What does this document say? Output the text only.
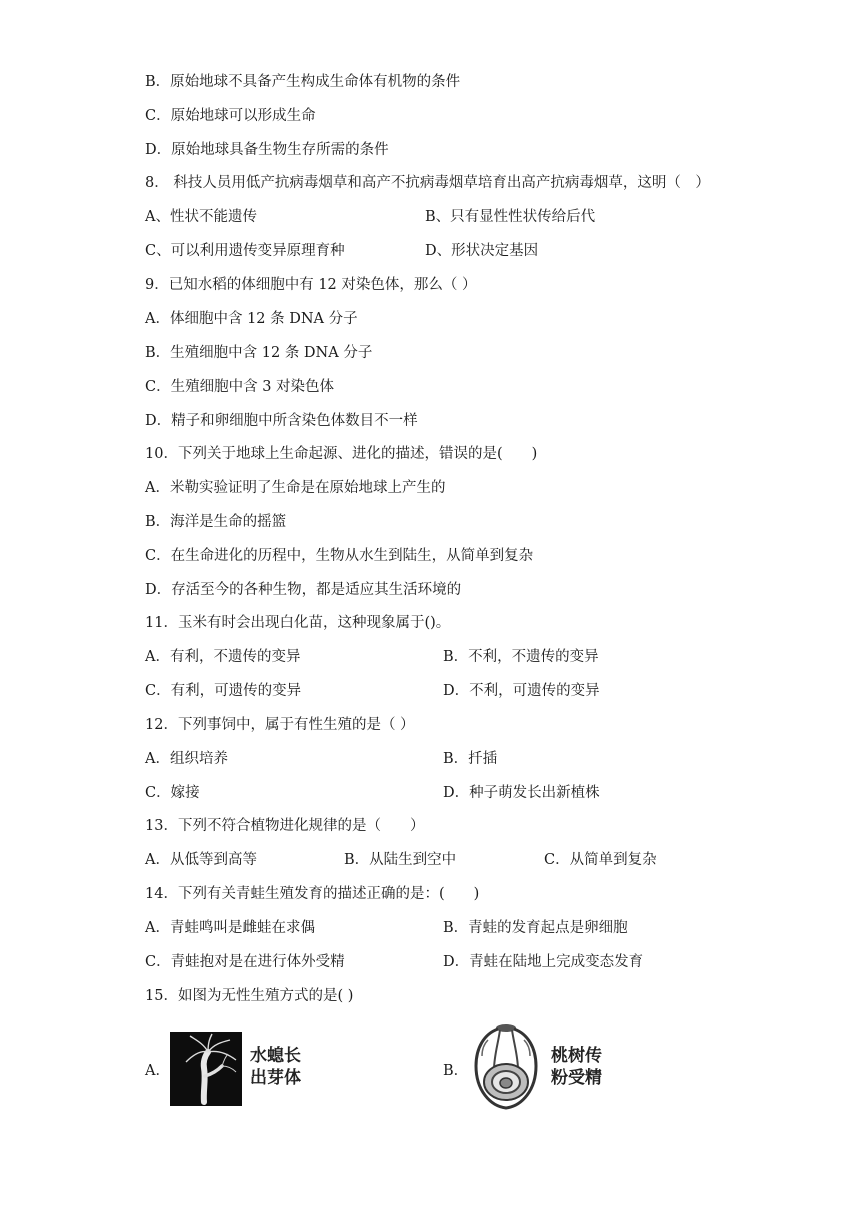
B．原始地球不具备产生构成生命体有机物的条件
C．原始地球可以形成生命
D．原始地球具备生物生存所需的条件
8． 科技人员用低产抗病毒烟草和高产不抗病毒烟草培育出高产抗病毒烟草，这明（　）
A、性状不能遗传	B、只有显性性状传给后代
C、可以利用遗传变异原理育种	D、形状决定基因
9．已知水稻的体细胞中有 12 对染色体，那么（ ）
A．体细胞中含 12 条 DNA 分子
B．生殖细胞中含 12 条 DNA 分子
C．生殖细胞中含 3 对染色体
D．精子和卵细胞中所含染色体数目不一样
10．下列关于地球上生命起源、进化的描述，错误的是(　　)
A．米勒实验证明了生命是在原始地球上产生的
B．海洋是生命的摇篮
C．在生命进化的历程中，生物从水生到陆生，从简单到复杂
D．存活至今的各种生物，都是适应其生活环境的
11．玉米有时会出现白化苗，这种现象属于()。
A．有利，不遗传的变异	B．不利，不遗传的变异
C．有利，可遗传的变异	D．不利，可遗传的变异
12．下列事饲中，属于有性生殖的是（ ）
A．组织培养	B．扦插
C．嫁接	D．种子萌发长出新植株
13．下列不符合植物进化规律的是（　　）
A．从低等到高等	B．从陆生到空中	C．从简单到复杂
14．下列有关青蛙生殖发育的描述正确的是：(　　)
A．青蛙鸣叫是雌蛙在求偶	B．青蛙的发育起点是卵细胞
C．青蛙抱对是在进行体外受精	D．青蛙在陆地上完成变态发育
15．如图为无性生殖方式的是( )
A．
水螅长
出芽体	B．
桃树传
粉受精
